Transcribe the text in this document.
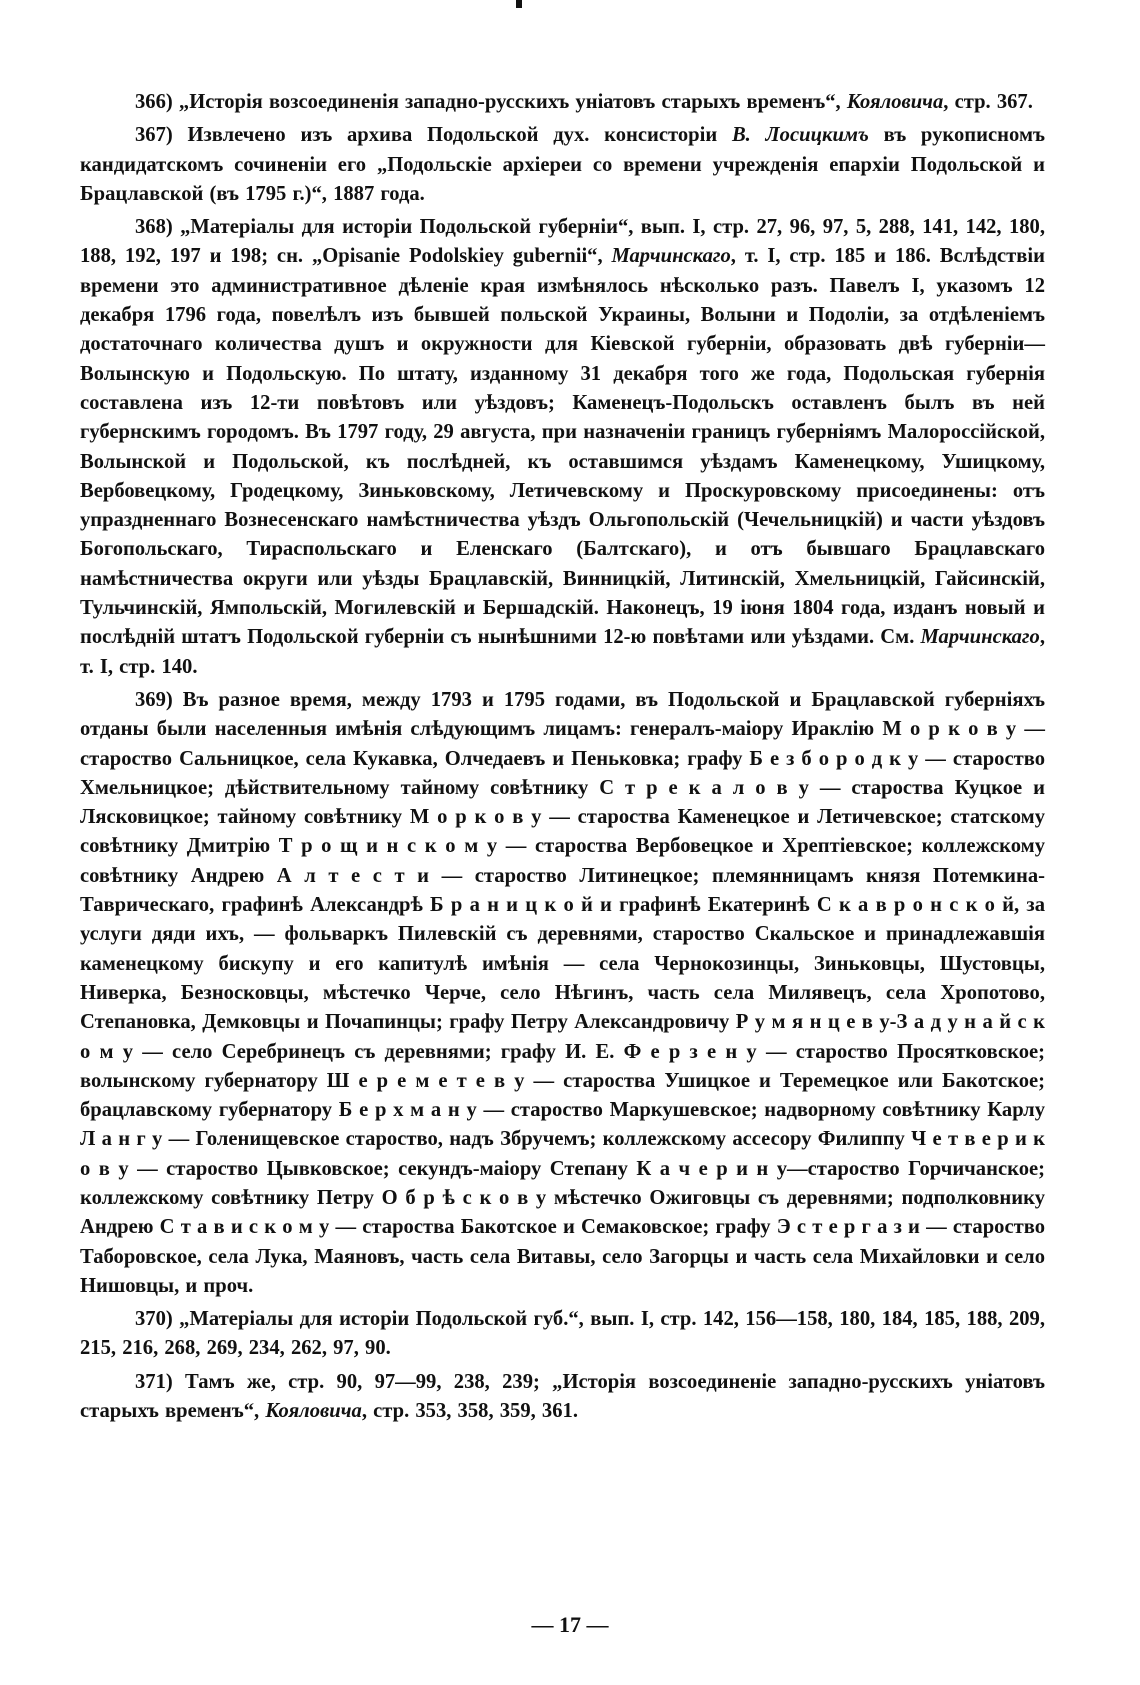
366) „Исторія возсоединенія западно-русскихъ уніатовъ старыхъ временъ“, Кояловича, стр. 367.

367) Извлечено изъ архива Подольской дух. консисторіи В. Лосицкимъ въ рукописномъ кандидатскомъ сочиненіи его „Подольскіе архіереи со времени учрежденія епархіи Подольской и Брацлавской (въ 1795 г.)“, 1887 года.

368) „Матеріалы для исторіи Подольской губерніи“, вып. I, стр. 27, 96, 97, 5, 288, 141, 142, 180, 188, 192, 197 и 198; сн. „Opisanie Podolskiey gubernii“, Марчинскаго, т. I, стр. 185 и 186. Вслѣдствіи времени это административное дѣленіе края измѣнялось нѣсколько разъ. Павелъ I, указомъ 12 декабря 1796 года, повелѣлъ изъ бывшей польской Украины, Волыни и Подоліи, за отдѣленіемъ достаточнаго количества душъ и окружности для Кіевской губерніи, образовать двѣ губерніи—Волынскую и Подольскую. По штату, изданному 31 декабря того же года, Подольская губернія составлена изъ 12-ти повѣтовъ или уѣздовъ; Каменецъ-Подольскъ оставленъ былъ въ ней губернскимъ городомъ. Въ 1797 году, 29 августа, при назначеніи границъ губерніямъ Малороссійской, Волынской и Подольской, къ послѣдней, къ оставшимся уѣздамъ Каменецкому, Ушицкому, Вербовецкому, Гродецкому, Зиньковскому, Летичевскому и Проскуровскому присоединены: отъ упраздненнаго Вознесенскаго намѣстничества уѣздъ Ольгопольскій (Чечельницкій) и части уѣздовъ Богопольскаго, Тираспольскаго и Еленскаго (Балтскаго), и отъ бывшаго Брацлавскаго намѣстничества округи или уѣзды Брацлавскій, Винницкій, Литинскій, Хмельницкій, Гайсинскій, Тульчинскій, Ямпольскій, Могилевскій и Бершадскій. Наконецъ, 19 іюня 1804 года, изданъ новый и послѣдній штатъ Подольской губерніи съ нынѣшними 12-ю повѣтами или уѣздами. См. Марчинскаго, т. I, стр. 140.

369) Въ разное время, между 1793 и 1795 годами, въ Подольской и Брацлавской губерніяхъ отданы были населенныя имѣнія слѣдующимъ лицамъ: генералъ-маіору Ираклію М о р к о в у — староство Сальницкое, села Кукавка, Олчедаевъ и Пеньковка; графу Б е з б о р о д к у — староство Хмельницкое; дѣйствительному тайному совѣтнику С т р е к а л о в у — староства Куцкое и Лясковицкое; тайному совѣтнику М о р к о в у — староства Каменецкое и Летичевское; статскому совѣтнику Дмитрію Т р о щ и н с к о м у — староства Вербовецкое и Хрептіевское; коллежскому совѣтнику Андрею А л т е с т и — староство Литинецкое; племянницамъ князя Потемкина-Таврическаго, графинѣ Александрѣ Б р а н и ц к о й и графинѣ Екатеринѣ С к а в р о н с к о й, за услуги дяди ихъ, — фольваркъ Пилевскій съ деревнями, староство Скальское и принадлежавшія каменецкому бискупу и его капитулѣ имѣнія — села Чернокозинцы, Зиньковцы, Шустовцы, Ниверка, Безносковцы, мѣстечко Черче, село Нѣгинъ, часть села Милявецъ, села Хропотово, Степановка, Демковцы и Почапинцы; графу Петру Александровичу Р у м я н ц е в у-З а д у н а й с к о м у — село Серебринецъ съ деревнями; графу И. Е. Ф е р з е н у — староство Просятковское; волынскому губернатору Ш е р е м е т е в у — староства Ушицкое и Теремецкое или Бакотское; брацлавскому губернатору Б е р х м а н у — староство Маркушевское; надворному совѣтнику Карлу Л а н г у — Голенищевское староство, надъ Збручемъ; коллежскому ассесору Филиппу Ч е т в е р и к о в у — староство Цывковское; секундъ-маіору Степану К а ч е р и н у—староство Горчичанское; коллежскому совѣтнику Петру О б р ѣ с к о в у мѣстечко Ожиговцы съ деревнями; подполковнику Андрею С т а в и с к о м у — староства Бакотское и Семаковское; графу Э с т е р г а з и — староство Таборовское, села Лука, Маяновъ, часть села Витавы, село Загорцы и часть села Михайловки и село Нишовцы, и проч.

370) „Матеріалы для исторіи Подольской губ.“, вып. I, стр. 142, 156—158, 180, 184, 185, 188, 209, 215, 216, 268, 269, 234, 262, 97, 90.

371) Тамъ же, стр. 90, 97—99, 238, 239; „Исторія возсоединеніе западно-русскихъ уніатовъ старыхъ временъ“, Кояловича, стр. 353, 358, 359, 361.

— 17 —
